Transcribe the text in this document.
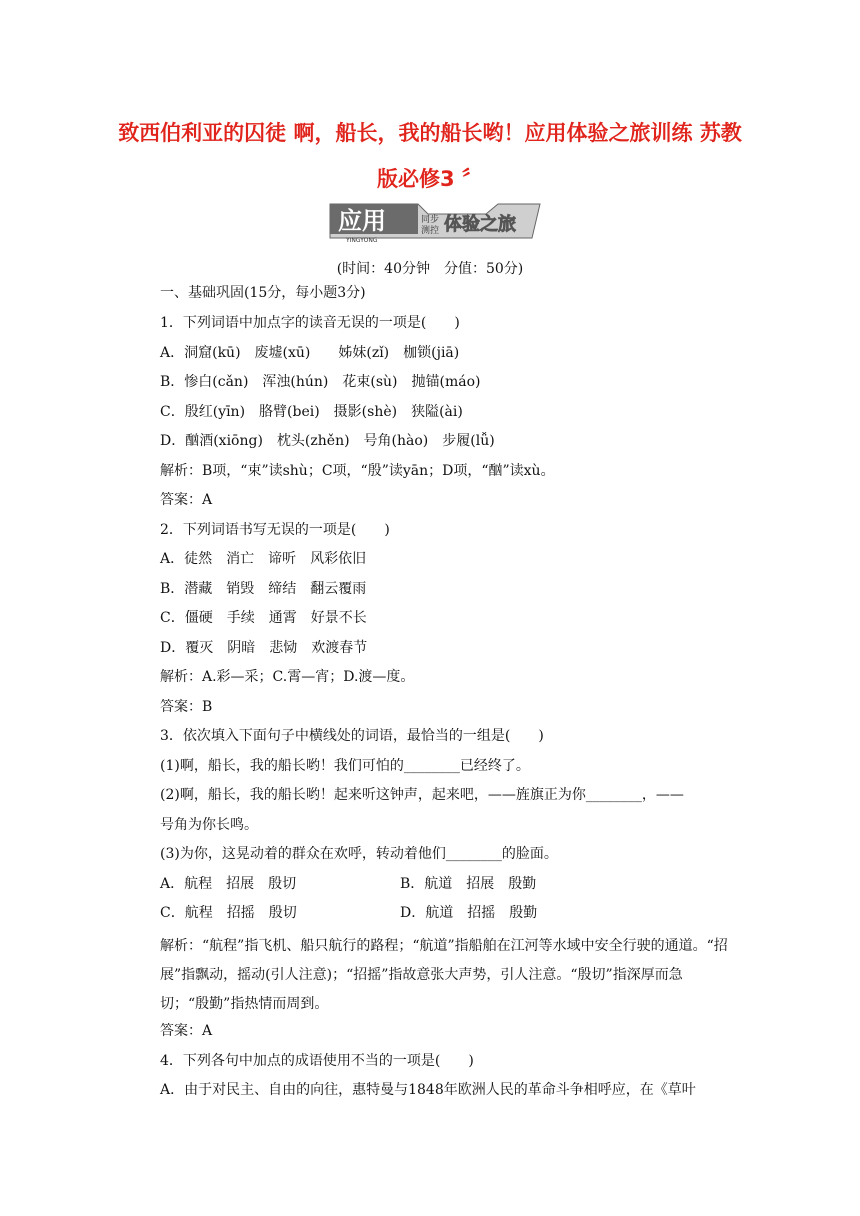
致西伯利亚的囚徒 啊，船长，我的船长哟！应用体验之旅训练 苏教
版必修3 〞
应用
YINGYONG
同步
测控 体验之旅
(时间：40分钟　分值：50分)
一、基础巩固(15分，每小题3分)
1．下列词语中加点字的读音无误的一项是(　　)
A．洞窟(kū)　废墟(xū)　　姊妹(zǐ)　枷锁(jiā)
B．惨白(cǎn)　浑浊(hún)　花束(sù)　抛锚(máo)
C．殷红(yīn)　胳臂(bei)　摄影(shè)　狭隘(ài)
D．酗酒(xiōng)　枕头(zhěn)　号角(hào)　步履(lǚ)
解析：B项，“束”读shù；C项，“殷”读yān；D项，“酗”读xù。
答案：A
2．下列词语书写无误的一项是(　　)
A．徒然　消亡　谛听　风彩依旧
B．潜藏　销毁　缔结　翻云覆雨
C．僵硬　手续　通霄　好景不长
D．覆灭　阴暗　悲恸　欢渡春节
解析：A.彩—采；C.霄—宵；D.渡—度。
答案：B
3．依次填入下面句子中横线处的词语，最恰当的一组是(　　)
(1)啊，船长，我的船长哟！我们可怕的________已经终了。
(2)啊，船长，我的船长哟！起来听这钟声，起来吧，——旌旗正为你________，——
号角为你长鸣。
(3)为你，这晃动着的群众在欢呼，转动着他们________的脸面。
A．航程　招展　殷切	B．航道　招展　殷勤
C．航程　招摇　殷切	D．航道　招摇　殷勤
解析：“航程”指飞机、船只航行的路程；“航道”指船舶在江河等水域中安全行驶的通道。“招展”指飘动，摇动(引人注意)；“招摇”指故意张大声势，引人注意。“殷切”指深厚而急切；“殷勤”指热情而周到。
答案：A
4．下列各句中加点的成语使用不当的一项是(　　)
A．由于对民主、自由的向往，惠特曼与1848年欧洲人民的革命斗争相呼应，在《草叶
